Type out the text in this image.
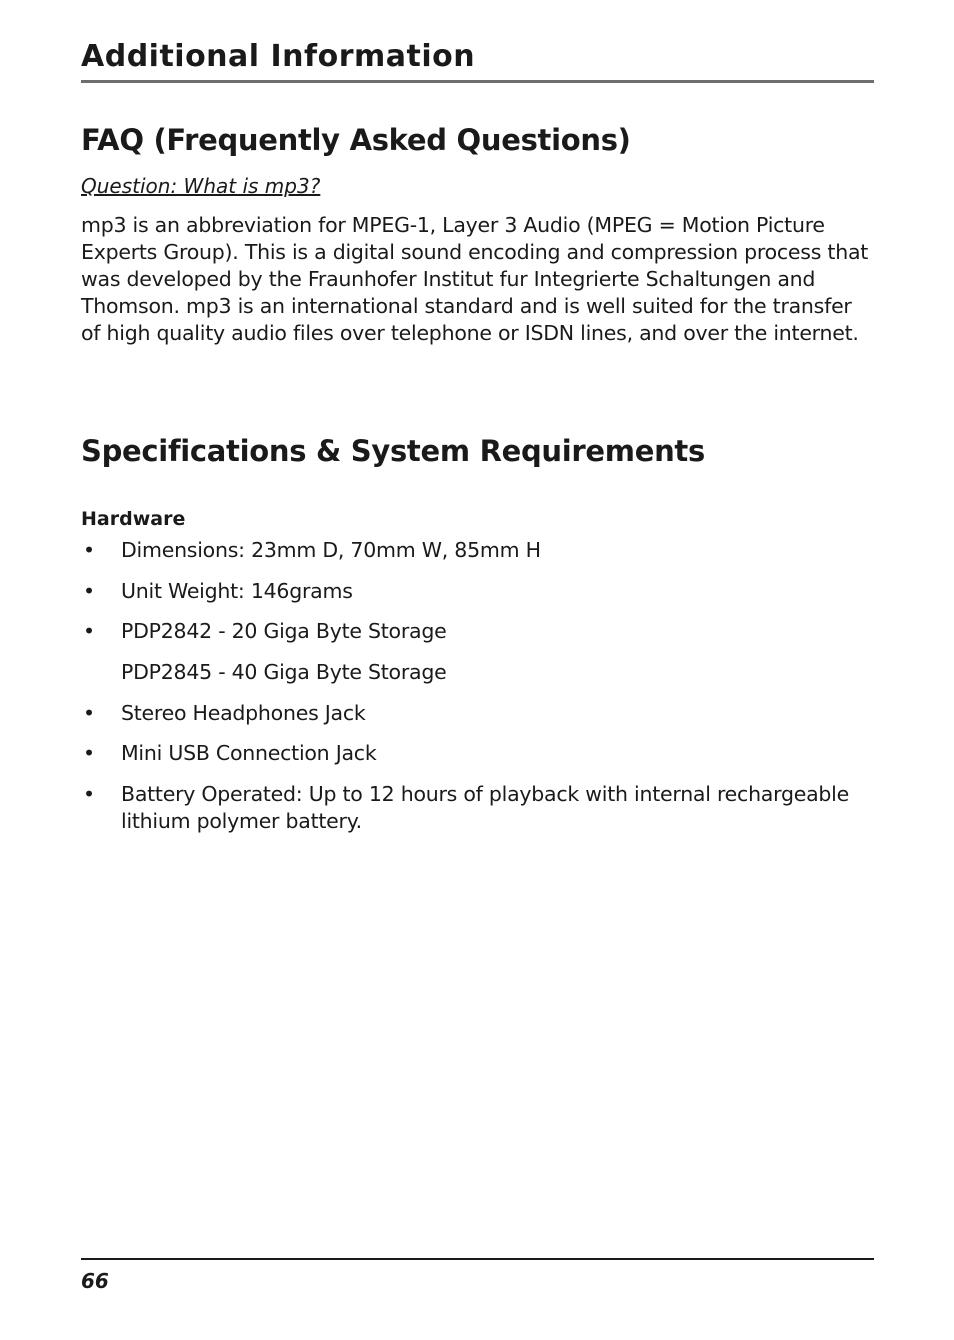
Additional Information
FAQ (Frequently Asked Questions)
Question: What is mp3?

mp3 is an abbreviation for MPEG-1, Layer 3 Audio (MPEG = Motion Picture Experts Group). This is a digital sound encoding and compression process that was developed by the Fraunhofer Institut fur Integrierte Schaltungen and Thomson. mp3 is an international standard and is well suited for the transfer of high quality audio files over telephone or ISDN lines, and over the internet.

Specifications & System Requirements
Hardware
• Dimensions: 23mm D, 70mm W, 85mm H
• Unit Weight: 146grams
• PDP2842 - 20 Giga Byte Storage
PDP2845 - 40 Giga Byte Storage
• Stereo Headphones Jack
• Mini USB Connection Jack
• Battery Operated: Up to 12 hours of playback with internal rechargeable lithium polymer battery.
66
